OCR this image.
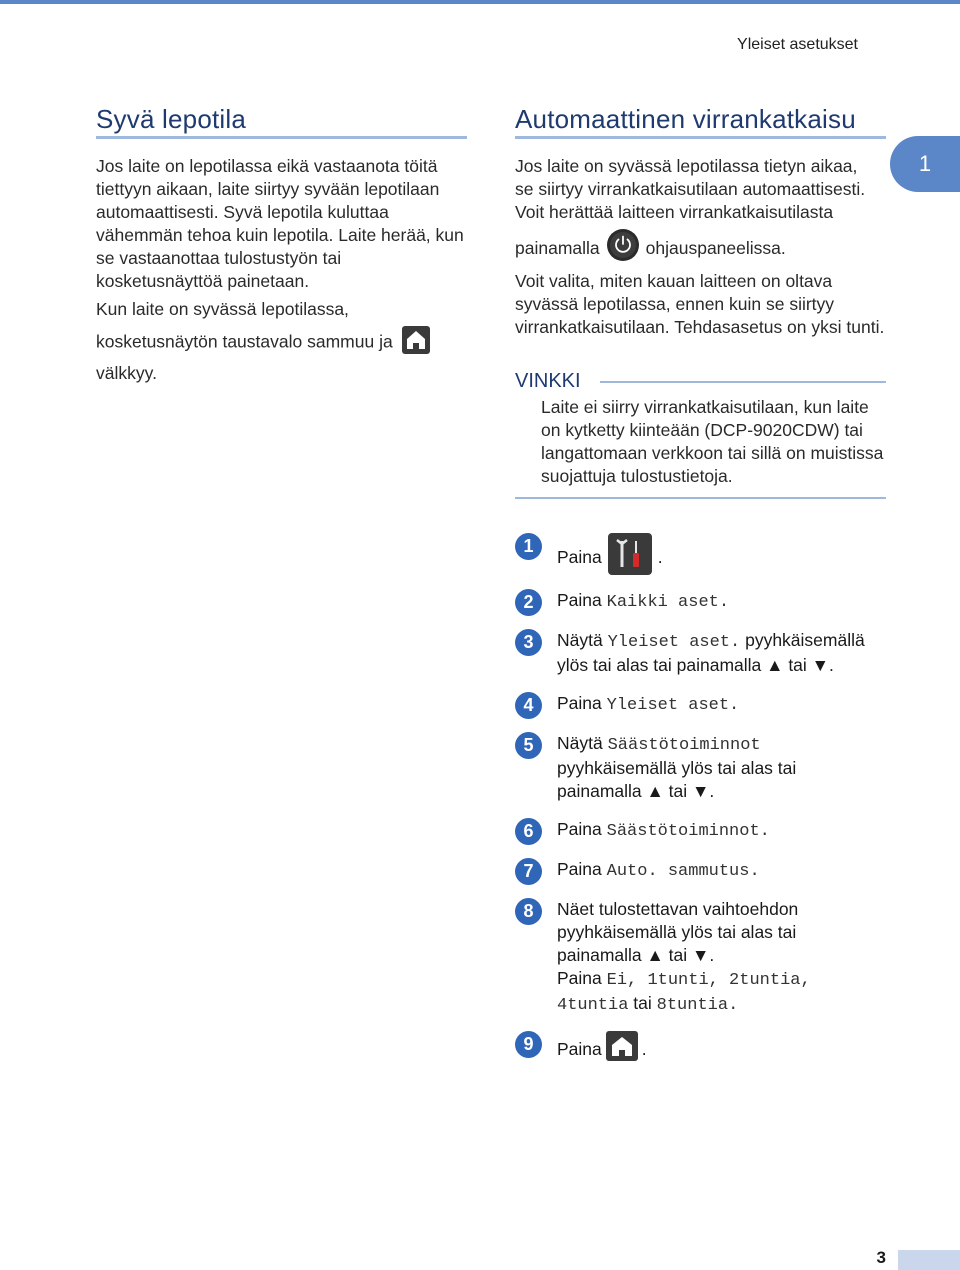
Yleiset asetukset
Syvä lepotila
Jos laite on lepotilassa eikä vastaanota töitä tiettyyn aikaan, laite siirtyy syvään lepotilaan automaattisesti. Syvä lepotila kuluttaa vähemmän tehoa kuin lepotila. Laite herää, kun se vastaanottaa tulostustyön tai kosketusnäyttöä painetaan.

Kun laite on syvässä lepotilassa,

kosketusnäytön taustavalo sammuu ja

välkkyy.

Automaattinen virrankatkaisu
1

Jos laite on syvässä lepotilassa tietyn aikaa,

se siirtyy virrankatkaisutilaan automaattisesti.

Voit herättää laitteen virrankatkaisutilasta

painamalla	ohjauspaneelissa.

Voit valita, miten kauan laitteen on oltava syvässä lepotilassa, ennen kuin se siirtyy virrankatkaisutilaan. Tehdasasetus on yksi tunti.
VINKKI
Laite ei siirry virrankatkaisutilaan, kun laite on kytketty kiinteään (DCP-9020CDW) tai langattomaan verkkoon tai sillä on muistissa suojattuja tulostustietoja.
1
Paina	.
2	Paina Kaikki aset.
3	Näytä Yleiset aset. pyyhkäisemällä
ylös tai alas tai painamalla ▲ tai ▼.
4	Paina Yleiset aset.
5	Näytä Säästötoiminnot
pyyhkäisemällä ylös tai alas tai
painamalla ▲ tai ▼.
6	Paina Säästötoiminnot.
7	Paina Auto. sammutus.
8	Näet tulostettavan vaihtoehdon
pyyhkäisemällä ylös tai alas tai
painamalla ▲ tai ▼.
Paina Ei, 1tunti, 2tuntia,
4tuntia tai 8tuntia.
9	Paina .
3
